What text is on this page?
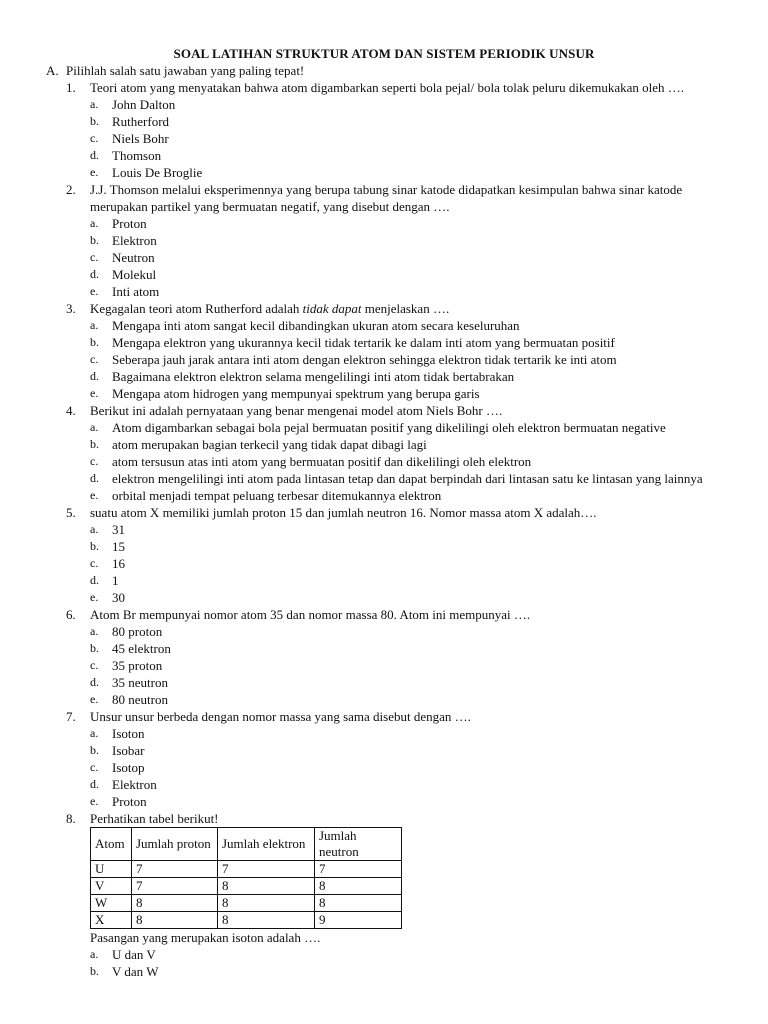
SOAL LATIHAN STRUKTUR ATOM DAN SISTEM PERIODIK UNSUR
A. Pilihlah salah satu jawaban yang paling tepat!
1.	Teori atom yang menyatakan bahwa atom digambarkan seperti bola pejal/ bola tolak peluru dikemukakan oleh ….
a.	John Dalton
b.	Rutherford
c.	Niels Bohr
d.	Thomson
e.	Louis De Broglie
2.	J.J. Thomson melalui eksperimennya yang berupa tabung sinar katode didapatkan kesimpulan bahwa sinar katode merupakan partikel yang bermuatan negatif, yang disebut dengan ….
a.	Proton
b.	Elektron
c.	Neutron
d.	Molekul
e.	Inti atom
3.	Kegagalan teori atom Rutherford adalah tidak dapat menjelaskan ….
a.	Mengapa inti atom sangat kecil dibandingkan ukuran atom secara keseluruhan
b.	Mengapa elektron yang ukurannya kecil tidak tertarik ke dalam inti atom yang bermuatan positif
c.	Seberapa jauh jarak antara inti atom dengan elektron sehingga elektron tidak tertarik ke inti atom
d.	Bagaimana elektron elektron selama mengelilingi inti atom tidak bertabrakan
e.	Mengapa atom hidrogen yang mempunyai spektrum yang berupa garis
4.	Berikut ini adalah pernyataan yang benar mengenai model atom Niels Bohr ….
a.	Atom digambarkan sebagai bola pejal bermuatan positif yang dikelilingi oleh elektron bermuatan negative
b.	atom merupakan bagian terkecil yang tidak dapat dibagi lagi
c.	atom tersusun atas inti atom yang bermuatan positif dan dikelilingi oleh elektron
d.	elektron mengelilingi inti atom pada lintasan tetap dan dapat berpindah dari lintasan satu ke lintasan yang lainnya
e.	orbital menjadi tempat peluang terbesar ditemukannya elektron
5.	suatu atom X memiliki jumlah proton 15 dan jumlah neutron 16. Nomor massa atom X adalah….
a.	31
b.	15
c.	16
d.	1
e.	30
6.	Atom Br mempunyai nomor atom 35 dan nomor massa 80. Atom ini mempunyai ….
a.	80 proton
b.	45 elektron
c.	35 proton
d.	35 neutron
e.	80 neutron
7.	Unsur unsur berbeda dengan nomor massa yang sama disebut dengan ….
a.	Isoton
b.	Isobar
c.	Isotop
d.	Elektron
e.	Proton
8.	Perhatikan tabel berikut!
Atom	Jumlah proton	Jumlah elektron	Jumlah neutron
U	7	7	7
V	7	8	8
W	8	8	8
X	8	8	9
Pasangan yang merupakan isoton adalah ….
a.	U dan V
b.	V dan W
